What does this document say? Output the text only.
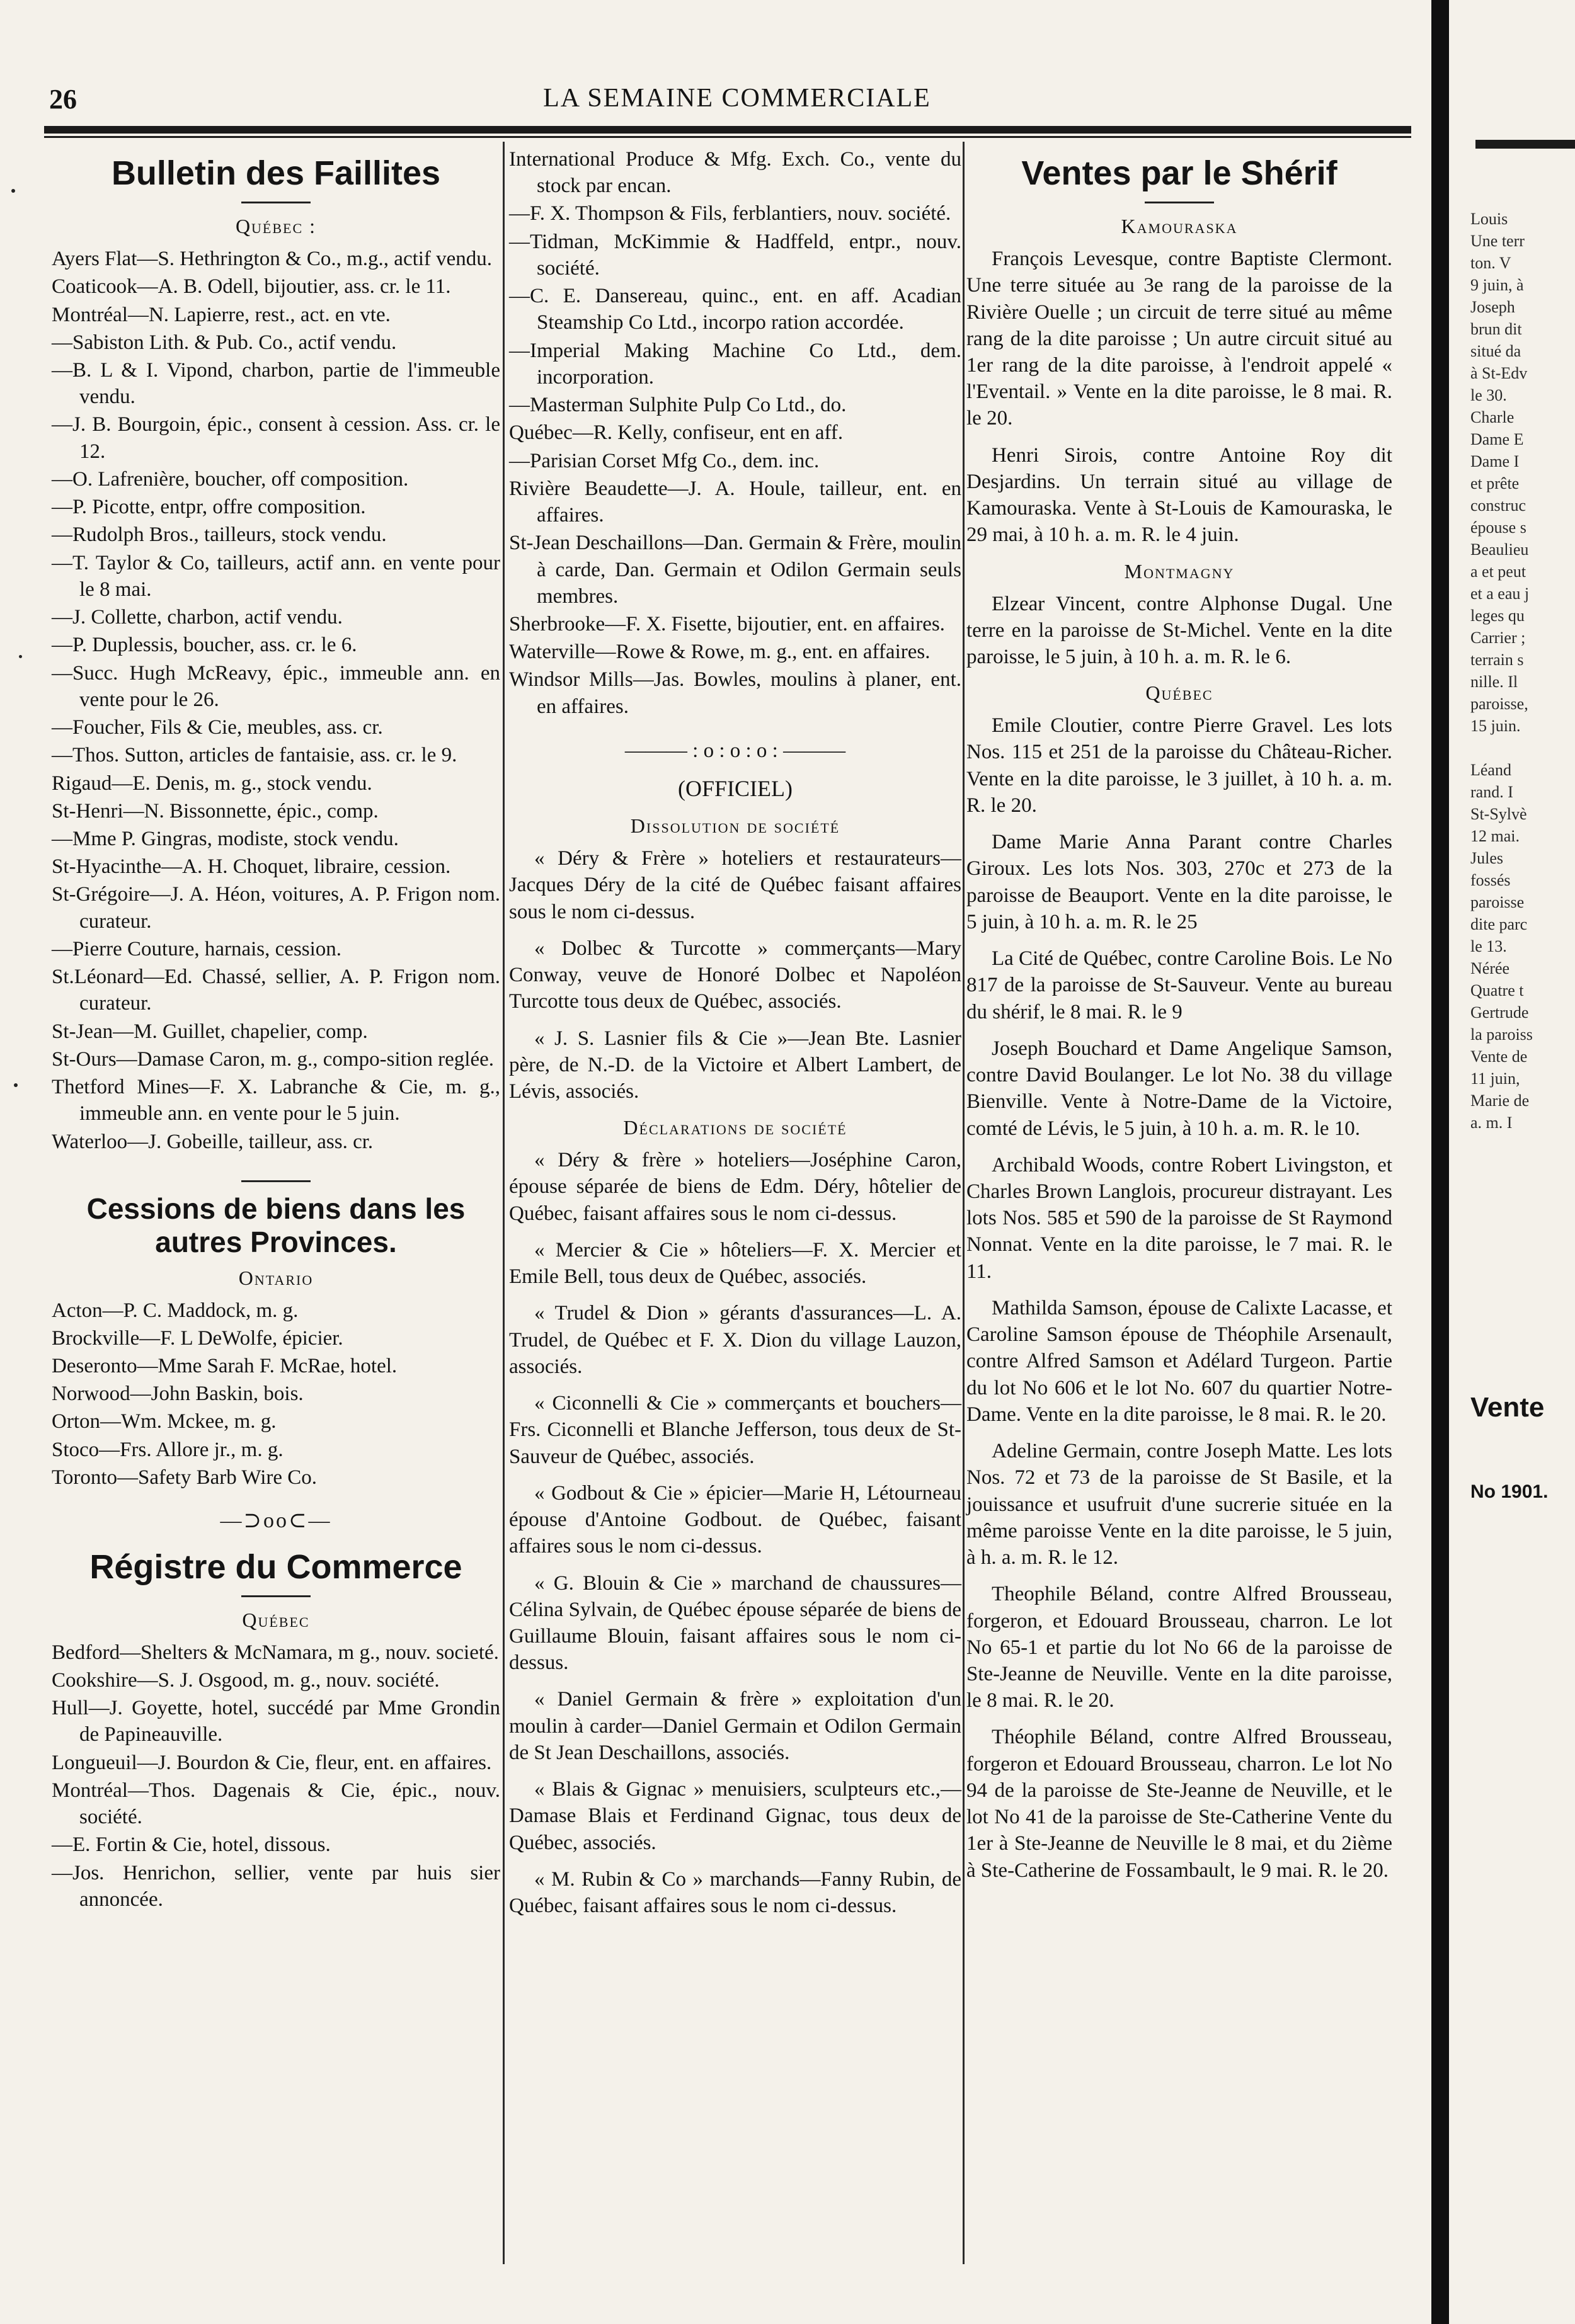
26	LA SEMAINE COMMERCIALE
Bulletin des Faillites
Québec :
Ayers Flat—S. Hethrington & Co., m.g., actif vendu.
Coaticook—A. B. Odell, bijoutier, ass. cr. le 11.
Montréal—N. Lapierre, rest., act. en vte.
—Sabiston Lith. & Pub. Co., actif vendu.
—B. L & I. Vipond, charbon, partie de l'immeuble vendu.
—J. B. Bourgoin, épic., consent à cession. Ass. cr. le 12.
—O. Lafrenière, boucher, off composition.
—P. Picotte, entpr, offre composition.
—Rudolph Bros., tailleurs, stock vendu.
—T. Taylor & Co, tailleurs, actif ann. en vente pour le 8 mai.
—J. Collette, charbon, actif vendu.
—P. Duplessis, boucher, ass. cr. le 6.
—Succ. Hugh McReavy, épic., immeuble ann. en vente pour le 26.
—Foucher, Fils & Cie, meubles, ass. cr.
—Thos. Sutton, articles de fantaisie, ass. cr. le 9.
Rigaud—E. Denis, m. g., stock vendu.
St-Henri—N. Bissonnette, épic., comp.
—Mme P. Gingras, modiste, stock vendu.
St-Hyacinthe—A. H. Choquet, libraire, cession.
St-Grégoire—J. A. Héon, voitures, A. P. Frigon nom. curateur.
—Pierre Couture, harnais, cession.
St.Léonard—Ed. Chassé, sellier, A. P. Frigon nom. curateur.
St-Jean—M. Guillet, chapelier, comp.
St-Ours—Damase Caron, m. g., compo-sition reglée.
Thetford Mines—F. X. Labranche & Cie, m. g., immeuble ann. en vente pour le 5 juin.
Waterloo—J. Gobeille, tailleur, ass. cr.
Cessions de biens dans les autres Provinces.
Ontario
Acton—P. C. Maddock, m. g.
Brockville—F. L DeWolfe, épicier.
Deseronto—Mme Sarah F. McRae, hotel.
Norwood—John Baskin, bois.
Orton—Wm. Mckee, m. g.
Stoco—Frs. Allore jr., m. g.
Toronto—Safety Barb Wire Co.
—⊃oo⊂—
Régistre du Commerce
Québec
Bedford—Shelters & McNamara, m g., nouv. societé.
Cookshire—S. J. Osgood, m. g., nouv. société.
Hull—J. Goyette, hotel, succédé par Mme Grondin de Papineauville.
Longueuil—J. Bourdon & Cie, fleur, ent. en affaires.
Montréal—Thos. Dagenais & Cie, épic., nouv. société.
—E. Fortin & Cie, hotel, dissous.
—Jos. Henrichon, sellier, vente par huis sier annoncée.
International Produce & Mfg. Exch. Co., vente du stock par encan.
—F. X. Thompson & Fils, ferblantiers, nouv. société.
—Tidman, McKimmie & Hadffeld, entpr., nouv. société.
—C. E. Dansereau, quinc., ent. en aff. Acadian Steamship Co Ltd., incorpo ration accordée.
—Imperial Making Machine Co Ltd., dem. incorporation.
—Masterman Sulphite Pulp Co Ltd., do.
Québec—R. Kelly, confiseur, ent en aff.
—Parisian Corset Mfg Co., dem. inc.
Rivière Beaudette—J. A. Houle, tailleur, ent. en affaires.
St-Jean Deschaillons—Dan. Germain & Frère, moulin à carde, Dan. Germain et Odilon Germain seuls membres.
Sherbrooke—F. X. Fisette, bijoutier, ent. en affaires.
Waterville—Rowe & Rowe, m. g., ent. en affaires.
Windsor Mills—Jas. Bowles, moulins à planer, ent. en affaires.
——— : o : o : o : ———
(OFFICIEL)
Dissolution de société
« Déry & Frère » hoteliers et restaurateurs—Jacques Déry de la cité de Québec faisant affaires sous le nom ci-dessus.
« Dolbec & Turcotte » commerçants—Mary Conway, veuve de Honoré Dolbec et Napoléon Turcotte tous deux de Québec, associés.
« J. S. Lasnier fils & Cie »—Jean Bte. Lasnier père, de N.-D. de la Victoire et Albert Lambert, de Lévis, associés.
Déclarations de société
« Déry & frère » hoteliers—Joséphine Caron, épouse séparée de biens de Edm. Déry, hôtelier de Québec, faisant affaires sous le nom ci-dessus.
« Mercier & Cie » hôteliers—F. X. Mercier et Emile Bell, tous deux de Québec, associés.
« Trudel & Dion » gérants d'assurances—L. A. Trudel, de Québec et F. X. Dion du village Lauzon, associés.
« Ciconnelli & Cie » commerçants et bouchers—Frs. Ciconnelli et Blanche Jefferson, tous deux de St-Sauveur de Québec, associés.
« Godbout & Cie » épicier—Marie H, Létourneau épouse d'Antoine Godbout. de Québec, faisant affaires sous le nom ci-dessus.
« G. Blouin & Cie » marchand de chaussures—Célina Sylvain, de Québec épouse séparée de biens de Guillaume Blouin, faisant affaires sous le nom ci-dessus.
« Daniel Germain & frère » exploitation d'un moulin à carder—Daniel Germain et Odilon Germain de St Jean Deschaillons, associés.
« Blais & Gignac » menuisiers, sculpteurs etc.,—Damase Blais et Ferdinand Gignac, tous deux de Québec, associés.
« M. Rubin & Co » marchands—Fanny Rubin, de Québec, faisant affaires sous le nom ci-dessus.
Ventes par le Shérif
Kamouraska
François Levesque, contre Baptiste Clermont. Une terre située au 3e rang de la paroisse de la Rivière Ouelle ; un circuit de terre situé au même rang de la dite paroisse ; Un autre circuit situé au 1er rang de la dite paroisse, à l'endroit appelé « l'Eventail. » Vente en la dite paroisse, le 8 mai. R. le 20.
Henri Sirois, contre Antoine Roy dit Desjardins. Un terrain situé au village de Kamouraska. Vente à St-Louis de Kamouraska, le 29 mai, à 10 h. a. m. R. le 4 juin.
Montmagny
Elzear Vincent, contre Alphonse Dugal. Une terre en la paroisse de St-Michel. Vente en la dite paroisse, le 5 juin, à 10 h. a. m. R. le 6.
Québec
Emile Cloutier, contre Pierre Gravel. Les lots Nos. 115 et 251 de la paroisse du Château-Richer. Vente en la dite paroisse, le 3 juillet, à 10 h. a. m. R. le 20.
Dame Marie Anna Parant contre Charles Giroux. Les lots Nos. 303, 270c et 273 de la paroisse de Beauport. Vente en la dite paroisse, le 5 juin, à 10 h. a. m. R. le 25
La Cité de Québec, contre Caroline Bois. Le No 817 de la paroisse de St-Sauveur. Vente au bureau du shérif, le 8 mai. R. le 9
Joseph Bouchard et Dame Angelique Samson, contre David Boulanger. Le lot No. 38 du village Bienville. Vente à Notre-Dame de la Victoire, comté de Lévis, le 5 juin, à 10 h. a. m. R. le 10.
Archibald Woods, contre Robert Livingston, et Charles Brown Langlois, procureur distrayant. Les lots Nos. 585 et 590 de la paroisse de St Raymond Nonnat. Vente en la dite paroisse, le 7 mai. R. le 11.
Mathilda Samson, épouse de Calixte Lacasse, et Caroline Samson épouse de Théophile Arsenault, contre Alfred Samson et Adélard Turgeon. Partie du lot No 606 et le lot No. 607 du quartier Notre-Dame. Vente en la dite paroisse, le 8 mai. R. le 20.
Adeline Germain, contre Joseph Matte. Les lots Nos. 72 et 73 de la paroisse de St Basile, et la jouissance et usufruit d'une sucrerie située en la même paroisse Vente en la dite paroisse, le 5 juin, à h. a. m. R. le 12.
Theophile Béland, contre Alfred Brousseau, forgeron, et Edouard Brousseau, charron. Le lot No 65-1 et partie du lot No 66 de la paroisse de Ste-Jeanne de Neuville. Vente en la dite paroisse, le 8 mai. R. le 20.
Théophile Béland, contre Alfred Brousseau, forgeron et Edouard Brousseau, charron. Le lot No 94 de la paroisse de Ste-Jeanne de Neuville, et le lot No 41 de la paroisse de Ste-Catherine Vente du 1er à Ste-Jeanne de Neuville le 8 mai, et du 2ième à Ste-Catherine de Fossambault, le 9 mai. R. le 20.
Louis
Une terr
ton. V
9 juin, à
Joseph
brun dit
situé da
à St-Edv
le 30.
Charle
Dame E
Dame I
et prête
construc
épouse s
Beaulieu
a et peut
et a eau j
leges qu
Carrier ;
terrain s
nille. Il
paroisse,
15 juin.
Léand
rand. I
St-Sylvè
12 mai.
Jules
fossés
paroisse
dite parc
le 13.
Nérée
Quatre t
Gertrude
la paroiss
Vente de
11 juin,
Marie de
a. m. I
Vente
No 1901.
